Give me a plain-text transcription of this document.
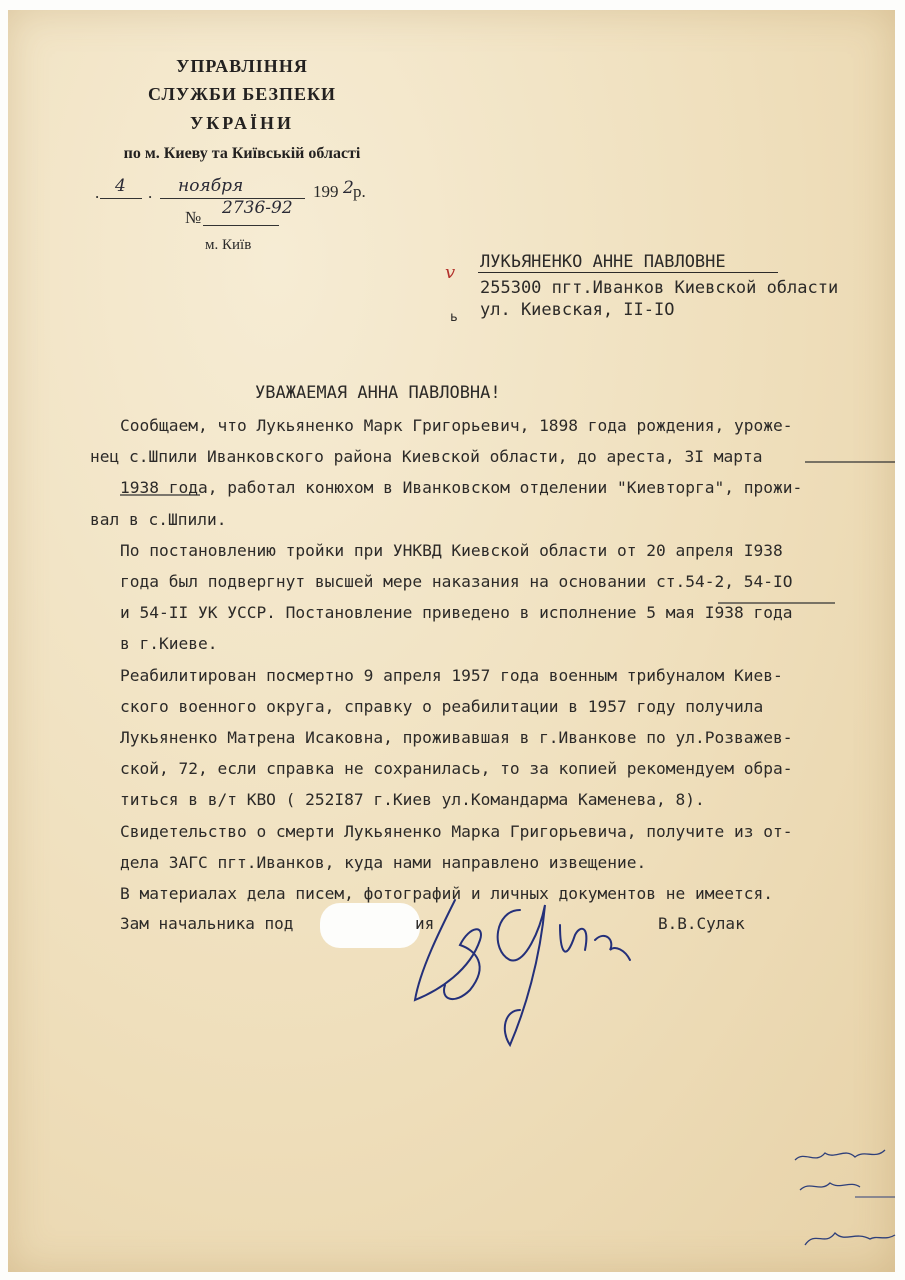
УПРАВЛІННЯ
СЛУЖБИ БЕЗПЕКИ
УКРАЇНИ
по м. Киеву та Київській області
. 4 . ноября	199 2 р.
№ 2736-92
м. Київ
v ЛУКЬЯНЕНКО АННЕ ПАВЛОВНЕ
255300 пгт.Иванков Киевской области
ь ул. Киевская, II-IO
УВАЖАЕМАЯ АННА ПАВЛОВНА!

Сообщаем, что Лукьяненко Марк Григорьевич, 1898 года рождения, урожe-

нец с.Шпили Иванковского района Киевской области, до ареста, 3I марта

1938 года, работал конюхом в Иванковском отделении "Киевторга", прожи-

вал в с.Шпили.

По постановлению тройки при УНКВД Киевской области от 20 апреля I938

года был подвергнут высшей мере наказания на основании ст.54-2, 54-IO

и 54-II УК УССР. Постановление приведено в исполнение 5 мая I938 года

в г.Киеве.

Реабилитирован посмертно 9 апреля 1957 года военным трибуналом Киев-

ского военного округа, справку о реабилитации в 1957 году получила

Лукьяненко Матрена Исаковна, проживавшая в г.Иванкове по ул.Розважев-

ской, 72, если справка не сохранилась, то за копией рекомендуем обра-

титься в в/т КВО ( 252I87 г.Киев ул.Командарма Каменева, 8).

Свидетельство о смерти Лукьяненко Марка Григорьевича, получите из от-

дела ЗАГС пгт.Иванков, куда нами направлено извещение.

В материалах дела писем, фотографий и личных документов не имеется.

Зам начальника под	ия	В.В.Сулак
